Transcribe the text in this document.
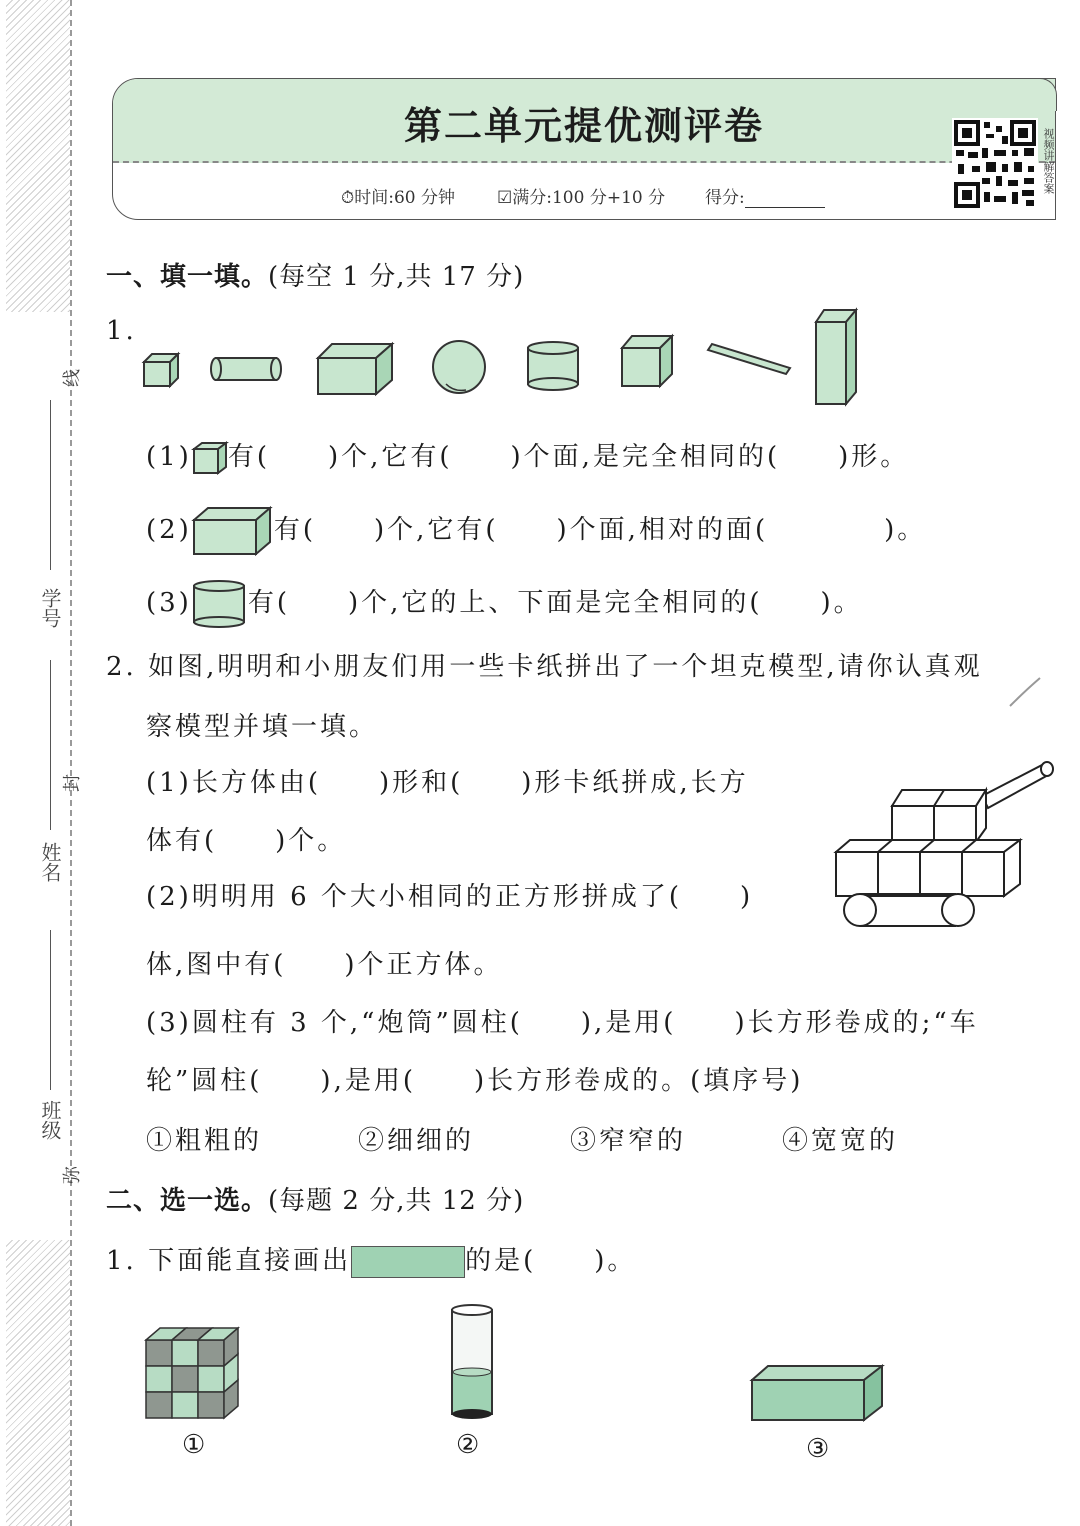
学号
姓名
班级
线
封
弥
第二单元提优测评卷
⏱时间:60 分钟 ☑满分:100 分+10 分 得分:
视频讲解答案
一、填一填。(每空 1 分,共 17 分)
1.
(1) 有(　　)个,它有(　　)个面,是完全相同的(　　)形。
(2)	有(　　)个,它有(　　)个面,相对的面(　　　　)。
(3) 有(　　)个,它的上、下面是完全相同的(　　)。
2. 如图,明明和小朋友们用一些卡纸拼出了一个坦克模型,请你认真观
察模型并填一填。
(1)长方体由(　　)形和(　　)形卡纸拼成,长方
体有(　　)个。
(2)明明用 6 个大小相同的正方形拼成了(　　)
体,图中有(　　)个正方体。
(3)圆柱有 3 个,“炮筒”圆柱(　　),是用(　　)长方形卷成的;“车
轮”圆柱(　　),是用(　　)长方形卷成的。(填序号)
①粗粗的	②细细的	③窄窄的	④宽宽的
二、选一选。(每题 2 分,共 12 分)
1. 下面能直接画出	的是(　　)。
①	②	③
